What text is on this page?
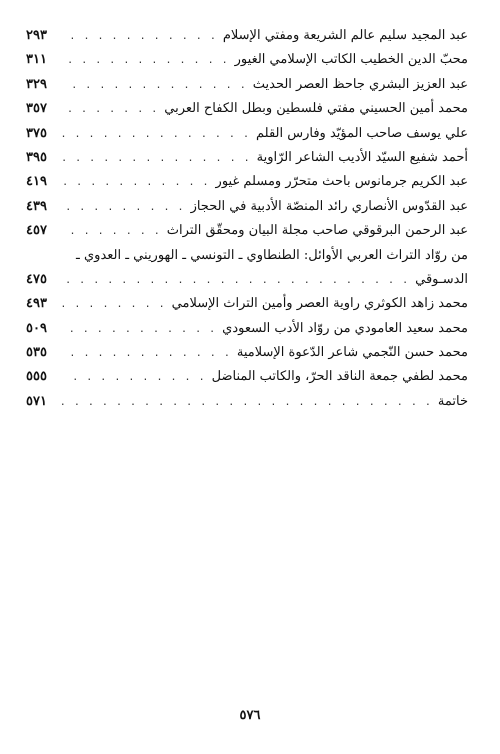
عبد المجيد سليم عالم الشريعة ومفتي الإسلام
. . .
٢٩٣
محبّ الدين الخطيب الكاتب الإسلامي الغيور
. . .
٣١١
عبد العزيز البشري جاحظ العصر الحديث
. . .
٣٢٩
محمد أمين الحسيني مفتي فلسطين وبطل الكفاح العربي
. . .
٣٥٧
علي يوسف صاحب المؤيّد وفارس القلم
. . .
٣٧٥
أحمد شفيع السيّد الأديب الشاعر الرّاوية
. . .
٣٩٥
عبد الكريم جرمانوس باحث متحرّر ومسلم غيور
. . .
٤١٩
عبد القدّوس الأنصاري رائد المنصّة الأدبية في الحجاز
. . .
٤٣٩
عبد الرحمن البرقوقي صاحب مجلة البيان ومحقّق التراث
. . .
٤٥٧
من روّاد التراث العربي الأوائل: الطنطاوي ـ التونسي ـ الهوريني ـ العدوي ـ
الدسـوقي
. . .
٤٧٥
محمد زاهد الكوثري راوية العصر وأمين التراث الإسلامي
. . .
٤٩٣
محمد سعيد العامودي من روّاد الأدب السعودي
. . .
٥٠٩
محمد حسن النّجمي شاعر الدّعوة الإسلامية
. . .
٥٣٥
محمد لطفي جمعة الناقد الحرّ، والكاتب المناضل
. . .
٥٥٥
خاتمة
. . .
٥٧١
٥٧٦
